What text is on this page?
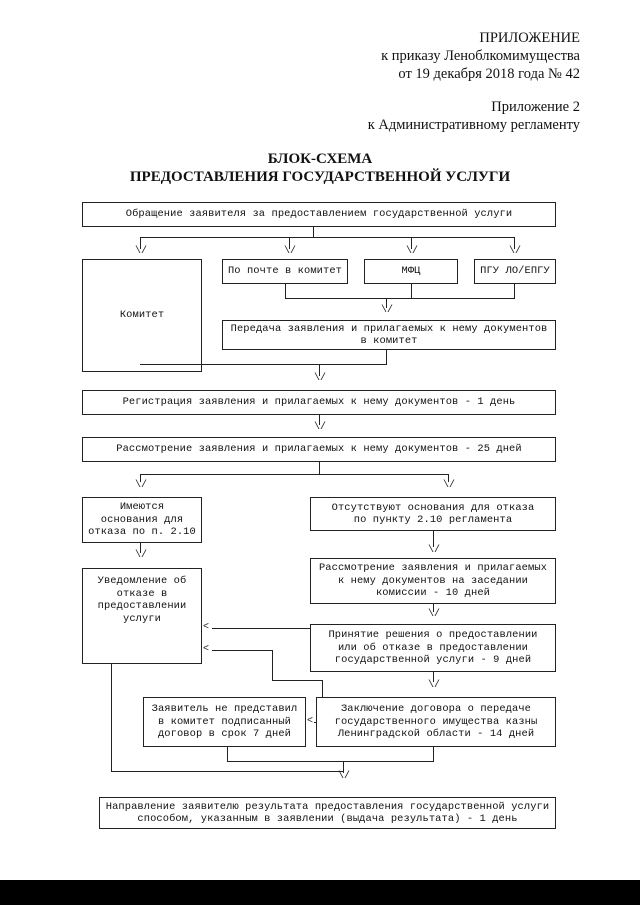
ПРИЛОЖЕНИЕ
к приказу Леноблкомимущества
от 19 декабря 2018 года № 42
Приложение 2
к Административному регламенту
БЛОК-СХЕМА
ПРЕДОСТАВЛЕНИЯ ГОСУДАРСТВЕННОЙ УСЛУГИ
Обращение заявителя за предоставлением государственной услуги
\/	\/	\/	\/
Комитет
По почте в комитет	МФЦ	ПГУ ЛО/ЕПГУ
\/
Передача заявления и прилагаемых к нему документов
в комитет
\/
Регистрация заявления и прилагаемых к нему документов - 1 день
\/
Рассмотрение заявления и прилагаемых к нему документов - 25 дней
\/	\/
Имеются
основания для
отказа по п. 2.10
Отсутствуют основания для отказа
по пункту 2.10 регламента
\/	\/
Уведомление об
отказе в
предоставлении
услуги
Рассмотрение заявления и прилагаемых
к нему документов на заседании
комиссии - 10 дней
\/
Принятие решения о предоставлении
или об отказе в предоставлении
государственной услуги - 9 дней
<
<
\/
Заявитель не представил
в комитет подписанный
договор в срок 7 дней
<
Заключение договора о передаче
государственного имущества казны
Ленинградской области - 14 дней
\/
Направление заявителю результата предоставления государственной услуги
способом, указанным в заявлении (выдача результата) - 1 день
